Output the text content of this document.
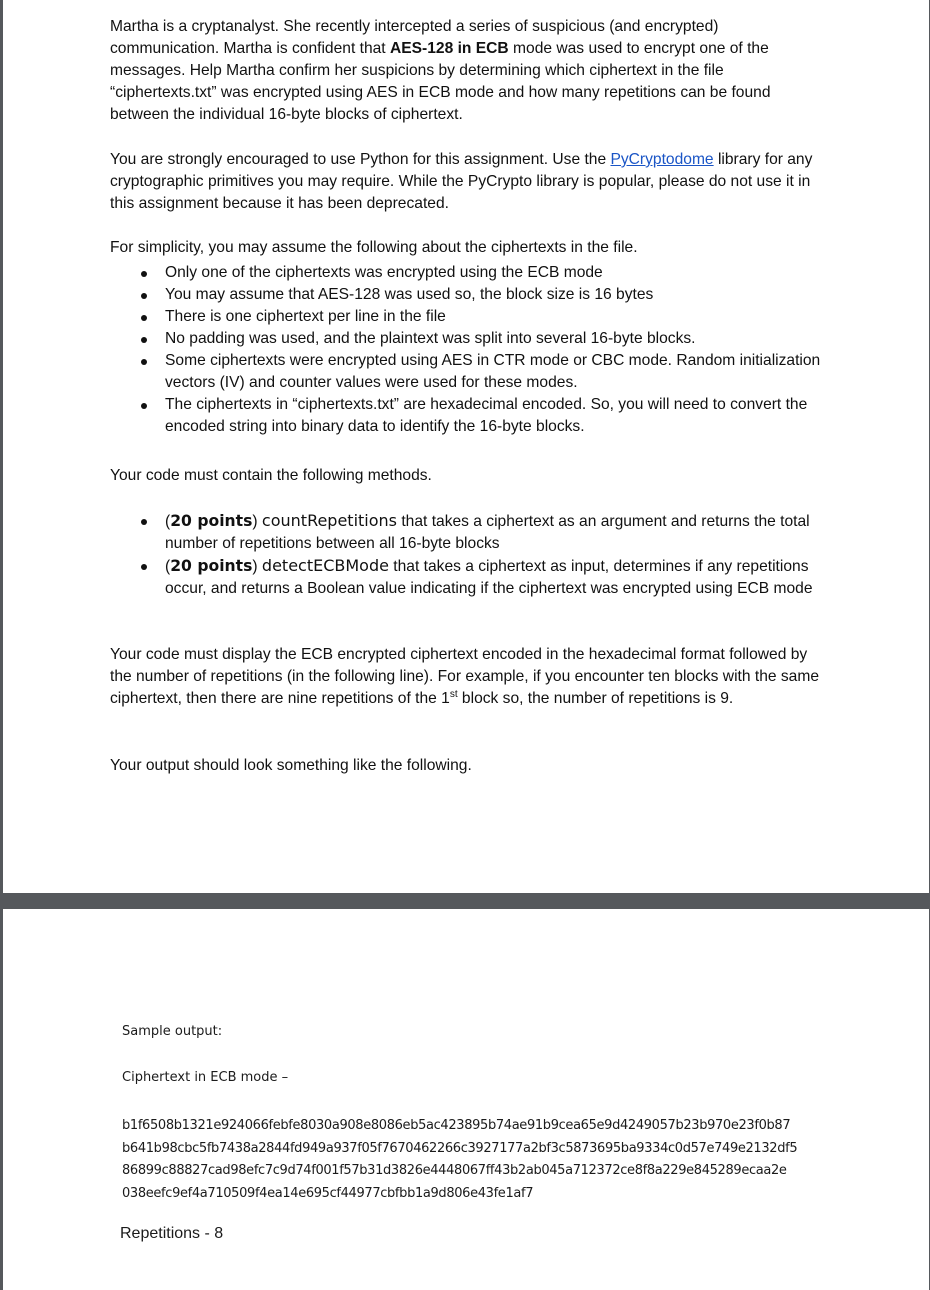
Martha is a cryptanalyst. She recently intercepted a series of suspicious (and encrypted) communication. Martha is confident that AES-128 in ECB mode was used to encrypt one of the messages. Help Martha confirm her suspicions by determining which ciphertext in the file “ciphertexts.txt” was encrypted using AES in ECB mode and how many repetitions can be found between the individual 16-byte blocks of ciphertext.

You are strongly encouraged to use Python for this assignment. Use the PyCryptodome library for any cryptographic primitives you may require. While the PyCrypto library is popular, please do not use it in this assignment because it has been deprecated.

For simplicity, you may assume the following about the ciphertexts in the file.

Only one of the ciphertexts was encrypted using the ECB mode
You may assume that AES-128 was used so, the block size is 16 bytes
There is one ciphertext per line in the file
No padding was used, and the plaintext was split into several 16-byte blocks.
Some ciphertexts were encrypted using AES in CTR mode or CBC mode. Random initialization vectors (IV) and counter values were used for these modes.
The ciphertexts in “ciphertexts.txt” are hexadecimal encoded. So, you will need to convert the encoded string into binary data to identify the 16-byte blocks.

Your code must contain the following methods.

(20 points) countRepetitions that takes a ciphertext as an argument and returns the total number of repetitions between all 16-byte blocks
(20 points) detectECBMode that takes a ciphertext as input, determines if any repetitions occur, and returns a Boolean value indicating if the ciphertext was encrypted using ECB mode

Your code must display the ECB encrypted ciphertext encoded in the hexadecimal format followed by the number of repetitions (in the following line). For example, if you encounter ten blocks with the same ciphertext, then there are nine repetitions of the 1st block so, the number of repetitions is 9.

Your output should look something like the following.

Sample output:
Ciphertext in ECB mode –
b1f6508b1321e924066febfe8030a908e8086eb5ac423895b74ae91b9cea65e9d4249057b23b970e23f0b87
b641b98cbc5fb7438a2844fd949a937f05f7670462266c3927177a2bf3c5873695ba9334c0d57e749e2132df5
86899c88827cad98efc7c9d74f001f57b31d3826e4448067ff43b2ab045a712372ce8f8a229e845289ecaa2e
038eefc9ef4a710509f4ea14e695cf44977cbfbb1a9d806e43fe1af7
Repetitions - 8
